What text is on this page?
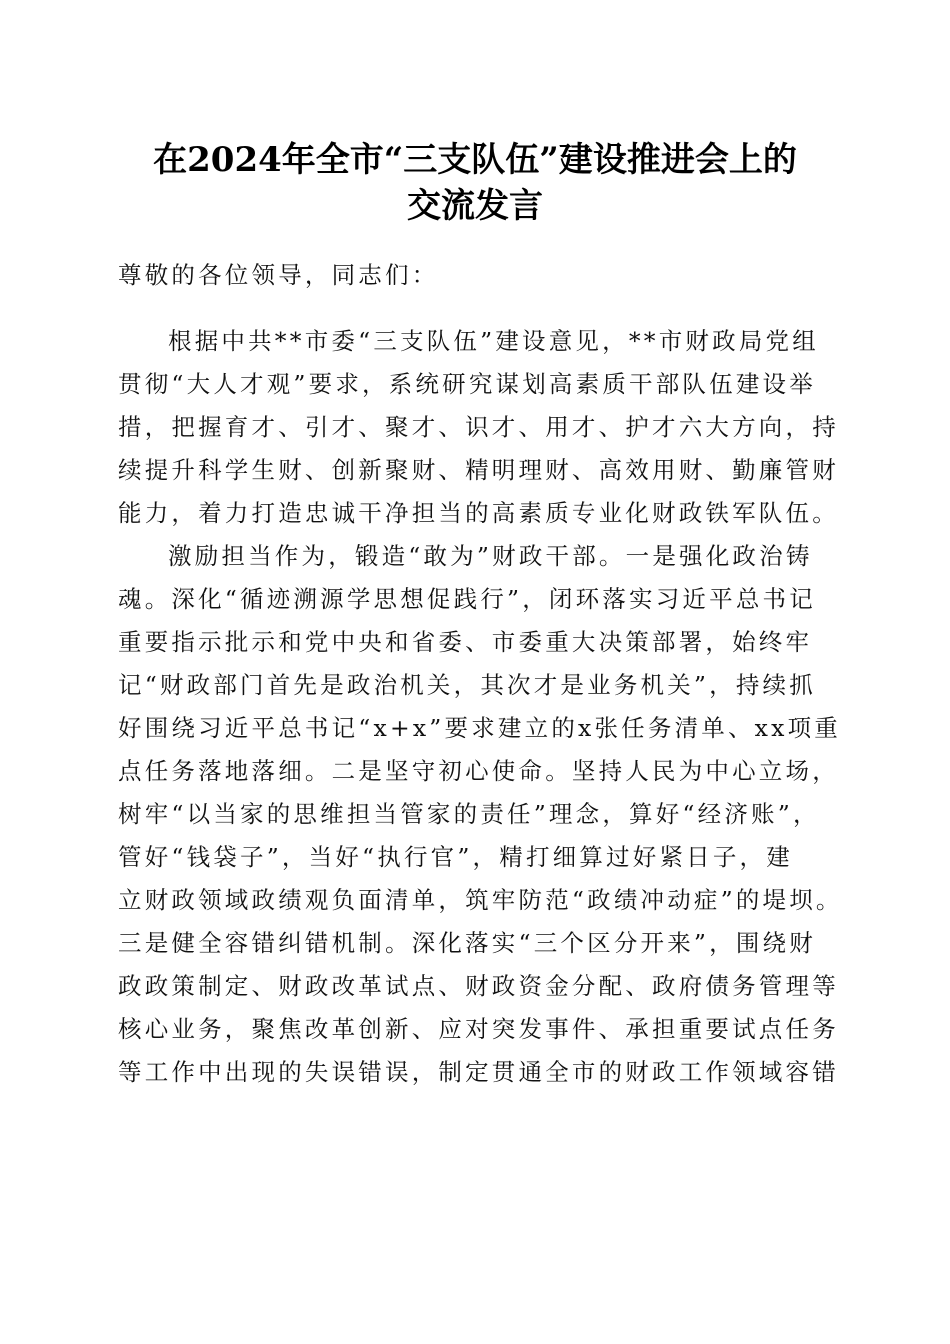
在2024年全市“三支队伍”建设推进会上的
交流发言
尊敬的各位领导，同志们：
根据中共**市委“三支队伍”建设意见，**市财政局党组
贯彻“大人才观”要求，系统研究谋划高素质干部队伍建设举
措，把握育才、引才、聚才、识才、用才、护才六大方向，持
续提升科学生财、创新聚财、精明理财、高效用财、勤廉管财
能力，着力打造忠诚干净担当的高素质专业化财政铁军队伍。
激励担当作为，锻造“敢为”财政干部。一是强化政治铸
魂。深化“循迹溯源学思想促践行”，闭环落实习近平总书记
重要指示批示和党中央和省委、市委重大决策部署，始终牢
记“财政部门首先是政治机关，其次才是业务机关”，持续抓
好围绕习近平总书记“x+x”要求建立的x张任务清单、xx项重
点任务落地落细。二是坚守初心使命。坚持人民为中心立场，
树牢“以当家的思维担当管家的责任”理念，算好“经济账”，
管好“钱袋子”，当好“执行官”，精打细算过好紧日子，建
立财政领域政绩观负面清单，筑牢防范“政绩冲动症”的堤坝。
三是健全容错纠错机制。深化落实“三个区分开来”，围绕财
政政策制定、财政改革试点、财政资金分配、政府债务管理等
核心业务，聚焦改革创新、应对突发事件、承担重要试点任务
等工作中出现的失误错误，制定贯通全市的财政工作领域容错
